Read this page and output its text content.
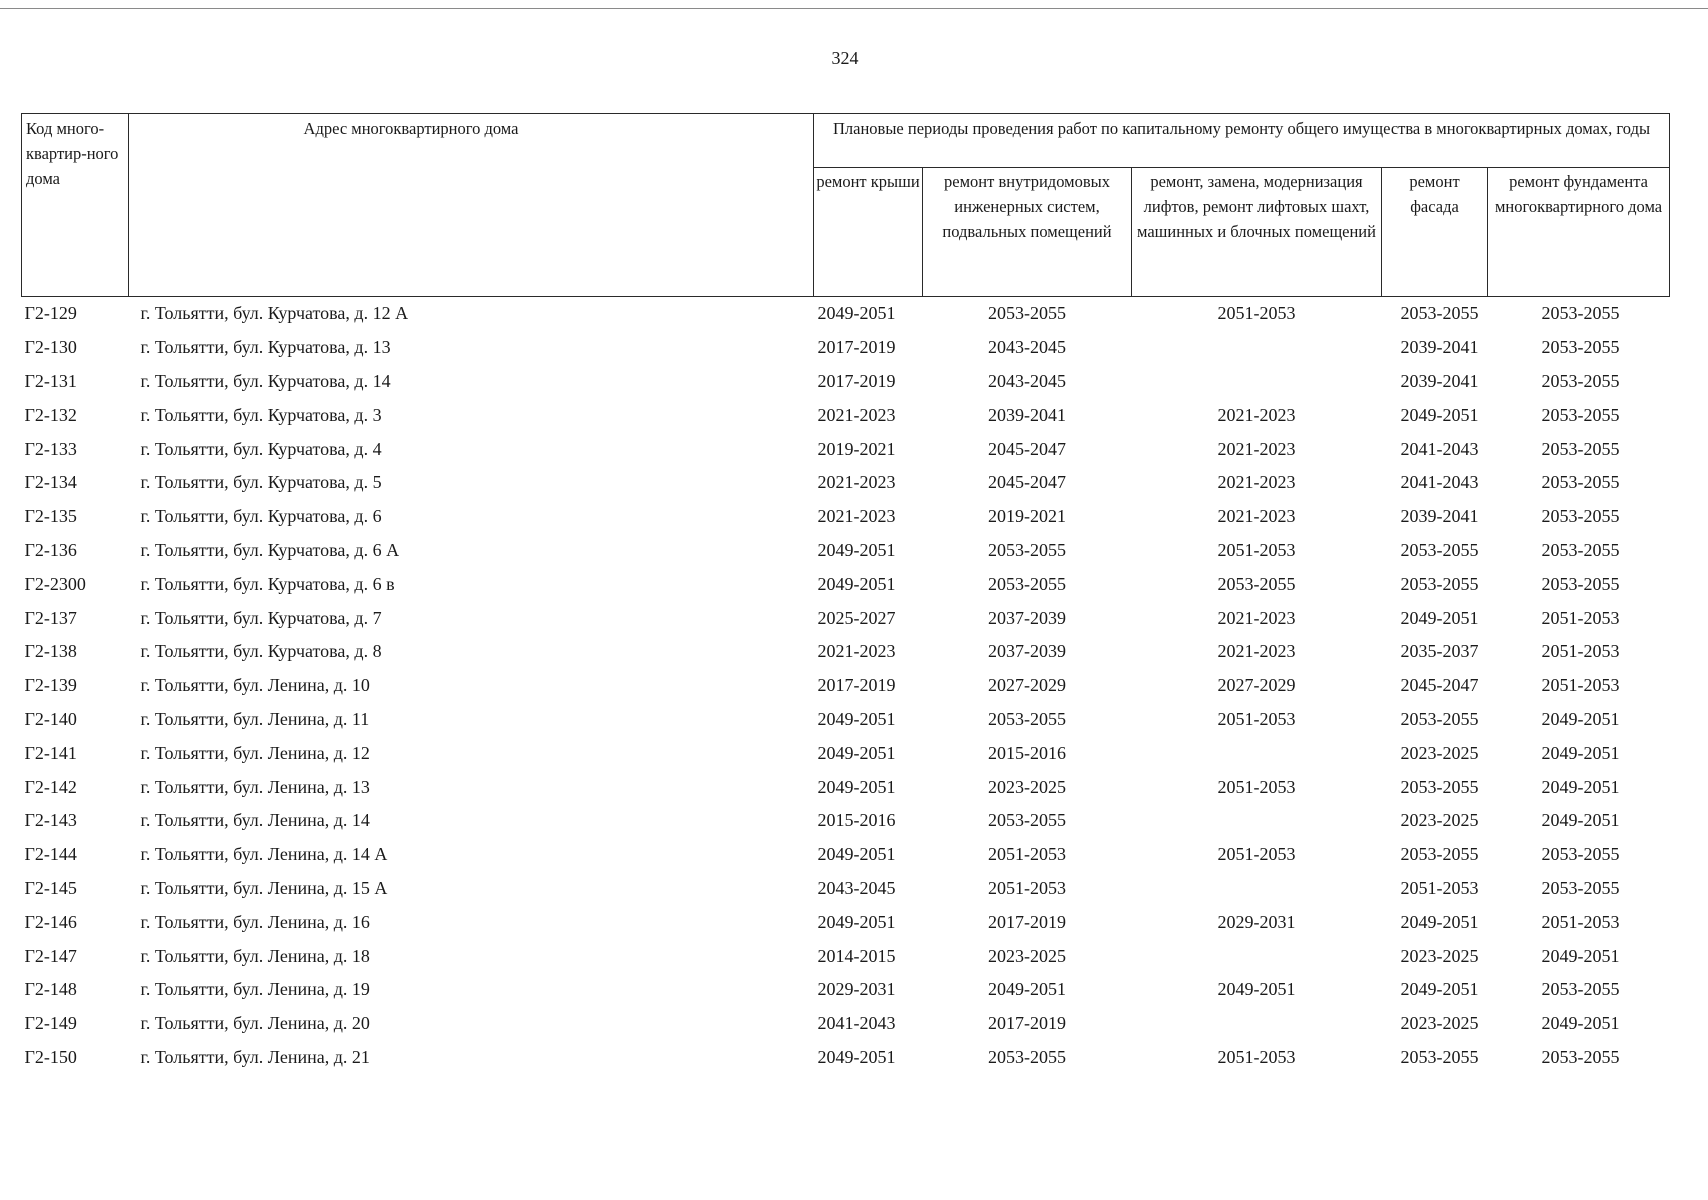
324
Код много-квартир-ного дома	Адрес многоквартирного дома	Плановые периоды проведения работ по капитальному ремонту общего имущества в многоквартирных домах, годы				
		ремонт крыши	ремонт внутридомовых инженерных систем, подвальных помещений	ремонт, замена, модернизация лифтов, ремонт лифтовых шахт, машинных и блочных помещений	ремонт фасада	ремонт фундамента многоквартирного дома
Г2-129	г. Тольятти, бул. Курчатова, д. 12 А	2049-2051	2053-2055	2051-2053	2053-2055	2053-2055
Г2-130	г. Тольятти, бул. Курчатова, д. 13	2017-2019	2043-2045		2039-2041	2053-2055
Г2-131	г. Тольятти, бул. Курчатова, д. 14	2017-2019	2043-2045		2039-2041	2053-2055
Г2-132	г. Тольятти, бул. Курчатова, д. 3	2021-2023	2039-2041	2021-2023	2049-2051	2053-2055
Г2-133	г. Тольятти, бул. Курчатова, д. 4	2019-2021	2045-2047	2021-2023	2041-2043	2053-2055
Г2-134	г. Тольятти, бул. Курчатова, д. 5	2021-2023	2045-2047	2021-2023	2041-2043	2053-2055
Г2-135	г. Тольятти, бул. Курчатова, д. 6	2021-2023	2019-2021	2021-2023	2039-2041	2053-2055
Г2-136	г. Тольятти, бул. Курчатова, д. 6 А	2049-2051	2053-2055	2051-2053	2053-2055	2053-2055
Г2-2300	г. Тольятти, бул. Курчатова, д. 6 в	2049-2051	2053-2055	2053-2055	2053-2055	2053-2055
Г2-137	г. Тольятти, бул. Курчатова, д. 7	2025-2027	2037-2039	2021-2023	2049-2051	2051-2053
Г2-138	г. Тольятти, бул. Курчатова, д. 8	2021-2023	2037-2039	2021-2023	2035-2037	2051-2053
Г2-139	г. Тольятти, бул. Ленина, д. 10	2017-2019	2027-2029	2027-2029	2045-2047	2051-2053
Г2-140	г. Тольятти, бул. Ленина, д. 11	2049-2051	2053-2055	2051-2053	2053-2055	2049-2051
Г2-141	г. Тольятти, бул. Ленина, д. 12	2049-2051	2015-2016		2023-2025	2049-2051
Г2-142	г. Тольятти, бул. Ленина, д. 13	2049-2051	2023-2025	2051-2053	2053-2055	2049-2051
Г2-143	г. Тольятти, бул. Ленина, д. 14	2015-2016	2053-2055		2023-2025	2049-2051
Г2-144	г. Тольятти, бул. Ленина, д. 14 А	2049-2051	2051-2053	2051-2053	2053-2055	2053-2055
Г2-145	г. Тольятти, бул. Ленина, д. 15 А	2043-2045	2051-2053		2051-2053	2053-2055
Г2-146	г. Тольятти, бул. Ленина, д. 16	2049-2051	2017-2019	2029-2031	2049-2051	2051-2053
Г2-147	г. Тольятти, бул. Ленина, д. 18	2014-2015	2023-2025		2023-2025	2049-2051
Г2-148	г. Тольятти, бул. Ленина, д. 19	2029-2031	2049-2051	2049-2051	2049-2051	2053-2055
Г2-149	г. Тольятти, бул. Ленина, д. 20	2041-2043	2017-2019		2023-2025	2049-2051
Г2-150	г. Тольятти, бул. Ленина, д. 21	2049-2051	2053-2055	2051-2053	2053-2055	2053-2055
